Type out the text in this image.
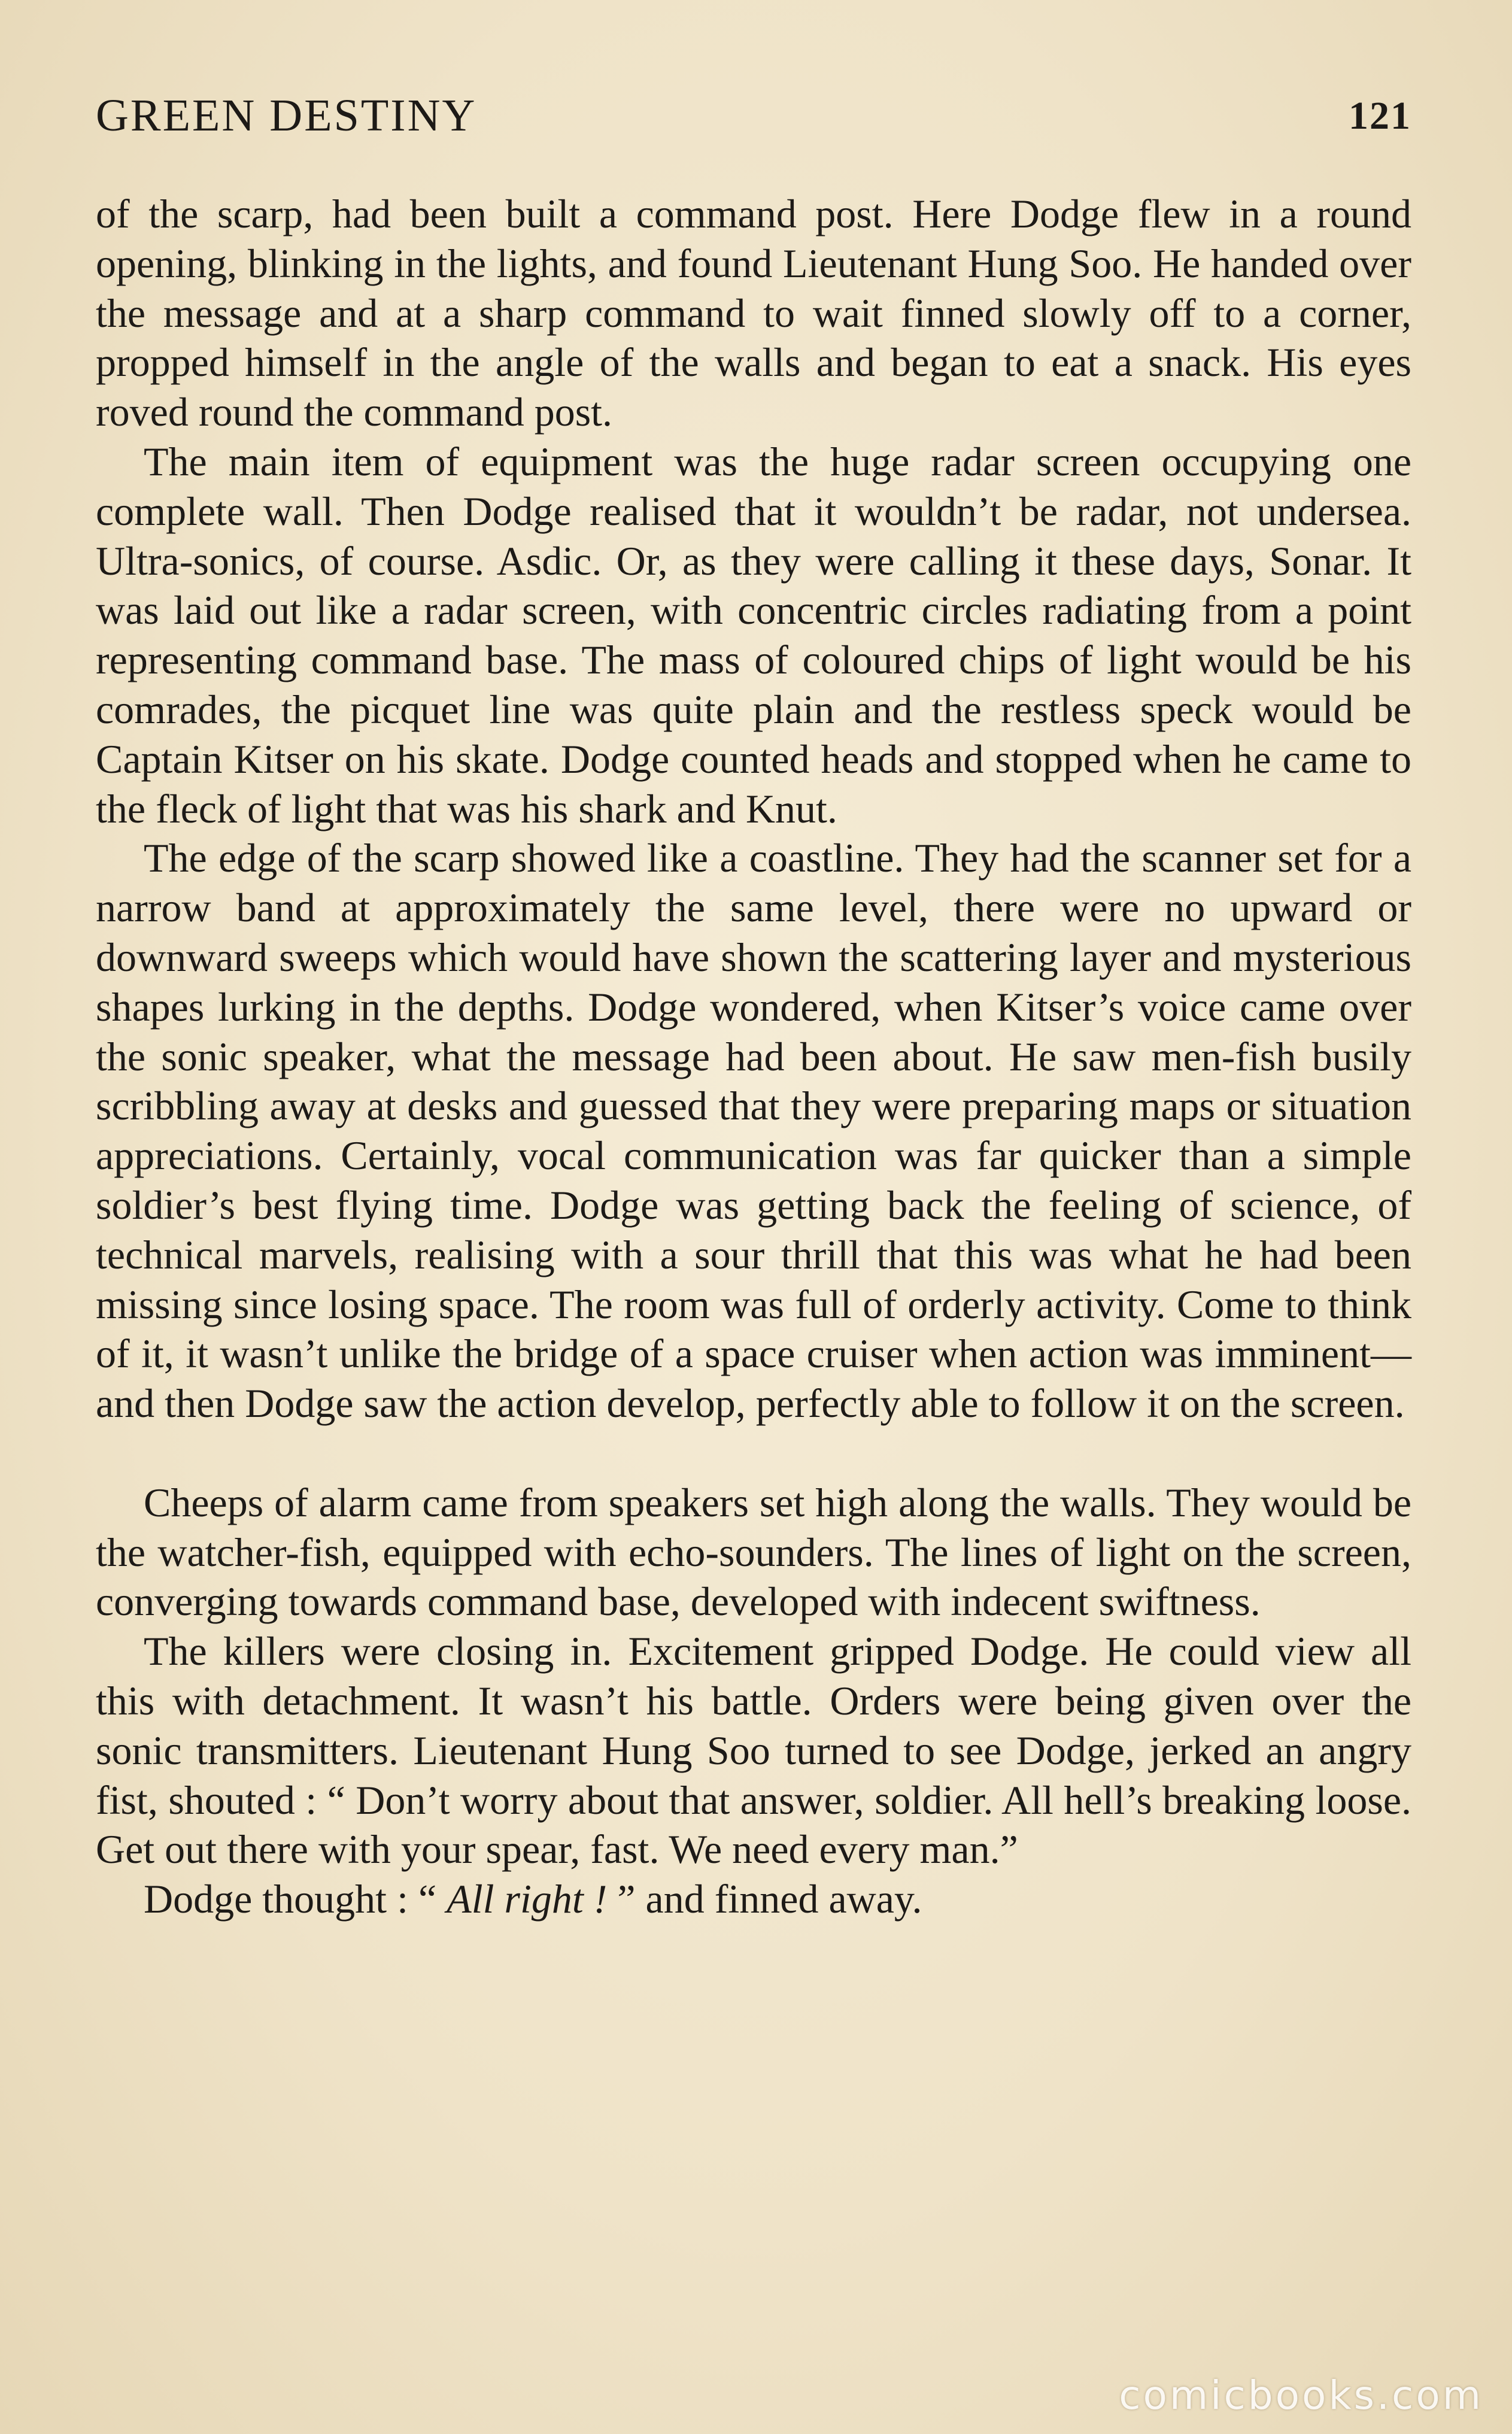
GREEN DESTINY	121

of the scarp, had been built a command post. Here Dodge flew in a round opening, blinking in the lights, and found Lieutenant Hung Soo. He handed over the message and at a sharp command to wait finned slowly off to a corner, propped himself in the angle of the walls and began to eat a snack. His eyes roved round the command post.

The main item of equipment was the huge radar screen occupying one complete wall. Then Dodge realised that it wouldn’t be radar, not undersea. Ultra-sonics, of course. Asdic. Or, as they were calling it these days, Sonar. It was laid out like a radar screen, with concentric circles radiating from a point representing command base. The mass of coloured chips of light would be his comrades, the picquet line was quite plain and the restless speck would be Captain Kitser on his skate. Dodge counted heads and stopped when he came to the fleck of light that was his shark and Knut.

The edge of the scarp showed like a coastline. They had the scanner set for a narrow band at approximately the same level, there were no upward or downward sweeps which would have shown the scattering layer and mysterious shapes lurking in the depths. Dodge wondered, when Kitser’s voice came over the sonic speaker, what the message had been about. He saw men-fish busily scribbling away at desks and guessed that they were preparing maps or situation appreciations. Certainly, vocal communication was far quicker than a simple soldier’s best flying time. Dodge was getting back the feeling of science, of technical marvels, realising with a sour thrill that this was what he had been missing since losing space. The room was full of orderly activity. Come to think of it, it wasn’t unlike the bridge of a space cruiser when action was imminent—and then Dodge saw the action develop, perfectly able to follow it on the screen.

Cheeps of alarm came from speakers set high along the walls. They would be the watcher-fish, equipped with echo-sounders. The lines of light on the screen, converging towards command base, developed with indecent swiftness.

The killers were closing in. Excitement gripped Dodge. He could view all this with detachment. It wasn’t his battle. Orders were being given over the sonic transmitters. Lieutenant Hung Soo turned to see Dodge, jerked an angry fist, shouted : “ Don’t worry about that answer, soldier. All hell’s breaking loose. Get out there with your spear, fast. We need every man.”

Dodge thought : “ All right ! ” and finned away.

comicbooks.com
